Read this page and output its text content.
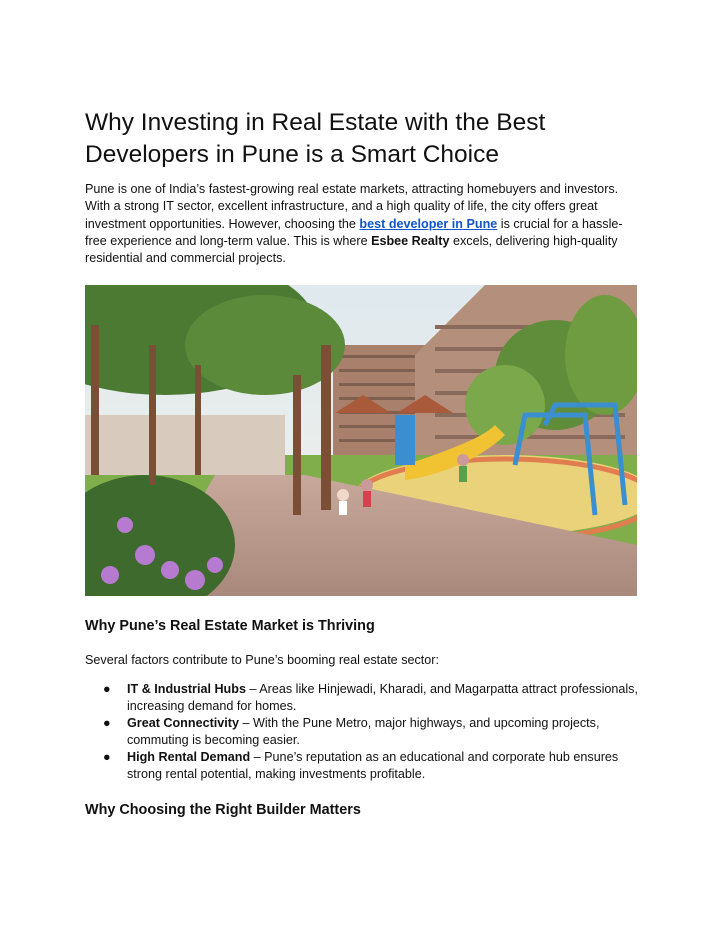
Why Investing in Real Estate with the Best Developers in Pune is a Smart Choice

Pune is one of India’s fastest-growing real estate markets, attracting homebuyers and investors. With a strong IT sector, excellent infrastructure, and a high quality of life, the city offers great investment opportunities. However, choosing the best developer in Pune is crucial for a hassle-free experience and long-term value. This is where Esbee Realty excels, delivering high-quality residential and commercial projects.

Why Pune’s Real Estate Market is Thriving

Several factors contribute to Pune’s booming real estate sector:

● IT & Industrial Hubs – Areas like Hinjewadi, Kharadi, and Magarpatta attract professionals, increasing demand for homes.
● Great Connectivity – With the Pune Metro, major highways, and upcoming projects, commuting is becoming easier.
● High Rental Demand – Pune’s reputation as an educational and corporate hub ensures strong rental potential, making investments profitable.
Why Choosing the Right Builder Matters
